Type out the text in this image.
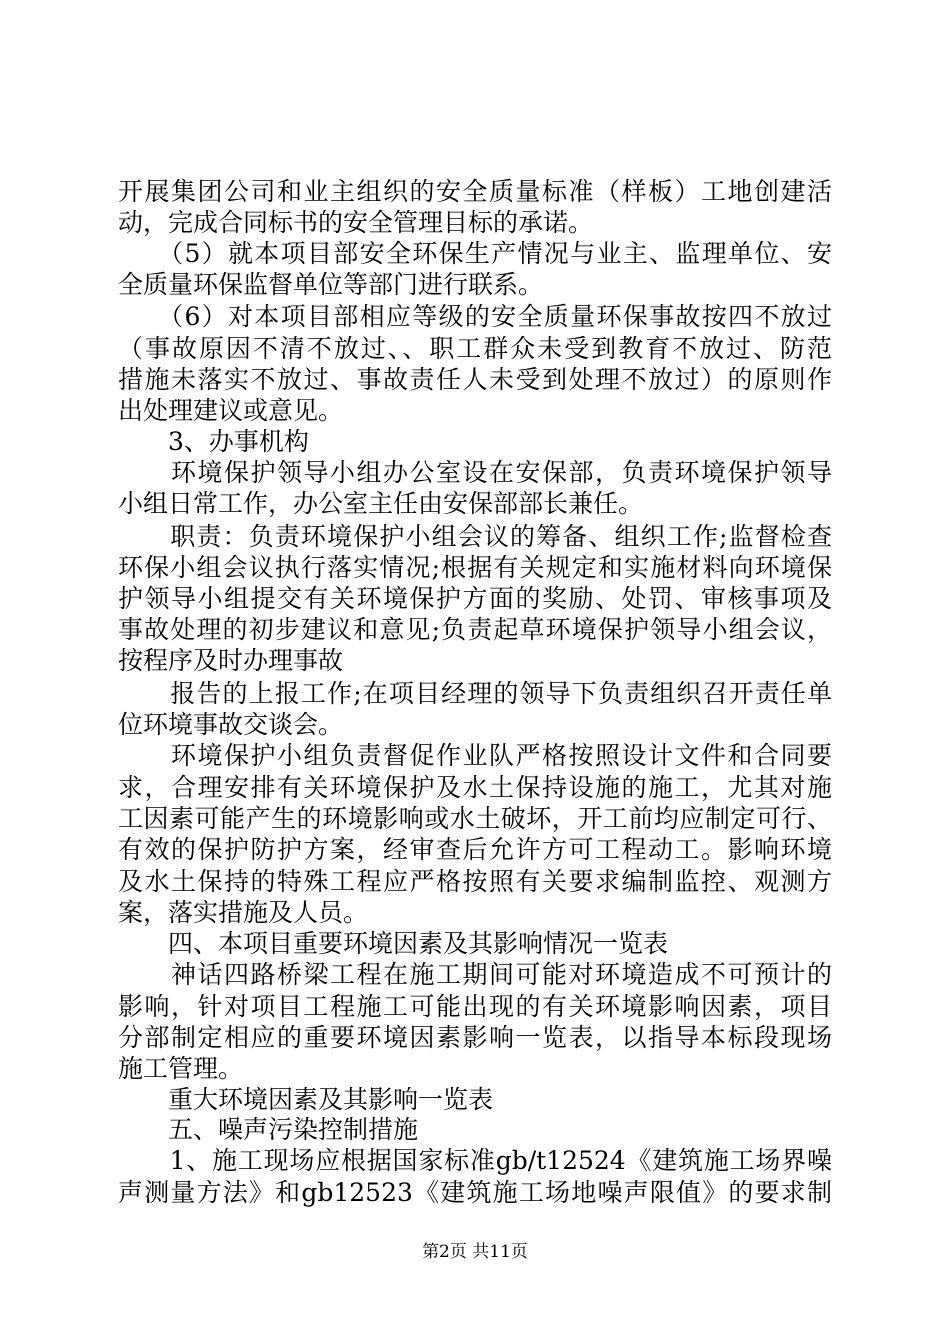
开展集团公司和业主组织的安全质量标准（样板）工地创建活
动，完成合同标书的安全管理目标的承诺。
　　（5）就本项目部安全环保生产情况与业主、监理单位、安
全质量环保监督单位等部门进行联系。
　　（6）对本项目部相应等级的安全质量环保事故按四不放过
（事故原因不清不放过、、职工群众未受到教育不放过、防范
措施未落实不放过、事故责任人未受到处理不放过）的原则作
出处理建议或意见。
　　3、办事机构
　　环境保护领导小组办公室设在安保部，负责环境保护领导
小组日常工作，办公室主任由安保部部长兼任。
　　职责：负责环境保护小组会议的筹备、组织工作;监督检查
环保小组会议执行落实情况;根据有关规定和实施材料向环境保
护领导小组提交有关环境保护方面的奖励、处罚、审核事项及
事故处理的初步建议和意见;负责起草环境保护领导小组会议，
按程序及时办理事故
　　报告的上报工作;在项目经理的领导下负责组织召开责任单
位环境事故交谈会。
　　环境保护小组负责督促作业队严格按照设计文件和合同要
求，合理安排有关环境保护及水土保持设施的施工，尤其对施
工因素可能产生的环境影响或水土破坏，开工前均应制定可行、
有效的保护防护方案，经审查后允许方可工程动工。影响环境
及水土保持的特殊工程应严格按照有关要求编制监控、观测方
案，落实措施及人员。
　　四、本项目重要环境因素及其影响情况一览表
　　神话四路桥梁工程在施工期间可能对环境造成不可预计的
影响，针对项目工程施工可能出现的有关环境影响因素，项目
分部制定相应的重要环境因素影响一览表，以指导本标段现场
施工管理。
　　重大环境因素及其影响一览表
　　五、噪声污染控制措施
　　1、施工现场应根据国家标准gb/t12524《建筑施工场界噪
声测量方法》和gb12523《建筑施工场地噪声限值》的要求制
第2页 共11页
